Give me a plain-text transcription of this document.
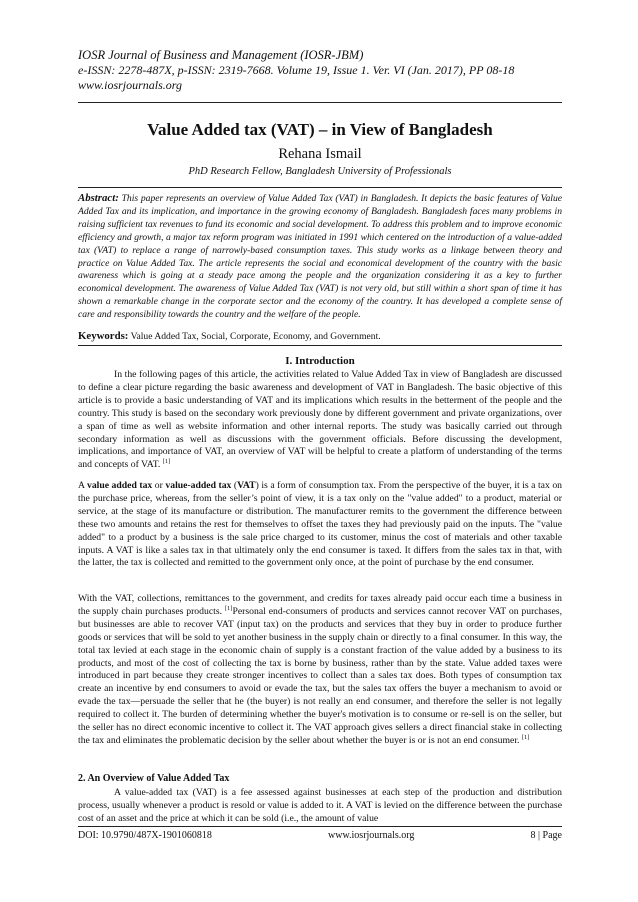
IOSR Journal of Business and Management (IOSR-JBM)
e-ISSN: 2278-487X, p-ISSN: 2319-7668. Volume 19, Issue 1. Ver. VI (Jan. 2017), PP 08-18
www.iosrjournals.org
Value Added tax (VAT) – in View of Bangladesh
Rehana Ismail
PhD Research Fellow, Bangladesh University of Professionals
Abstract: This paper represents an overview of Value Added Tax (VAT) in Bangladesh. It depicts the basic features of Value Added Tax and its implication, and importance in the growing economy of Bangladesh. Bangladesh faces many problems in raising sufficient tax revenues to fund its economic and social development. To address this problem and to improve economic efficiency and growth, a major tax reform program was initiated in 1991 which centered on the introduction of a value-added tax (VAT) to replace a range of narrowly-based consumption taxes. This study works as a linkage between theory and practice on Value Added Tax. The article represents the social and economical development of the country with the basic awareness which is going at a steady pace among the people and the organization considering it as a key to further economical development. The awareness of Value Added Tax (VAT) is not very old, but still within a short span of time it has shown a remarkable change in the corporate sector and the economy of the country. It has developed a complete sense of care and responsibility towards the country and the welfare of the people.
Keywords: Value Added Tax, Social, Corporate, Economy, and Government.
I. Introduction
In the following pages of this article, the activities related to Value Added Tax in view of Bangladesh are discussed to define a clear picture regarding the basic awareness and development of VAT in Bangladesh. The basic objective of this article is to provide a basic understanding of VAT and its implications which results in the betterment of the people and the country. This study is based on the secondary work previously done by different government and private organizations, over a span of time as well as website information and other internal reports. The study was basically carried out through secondary information as well as discussions with the government officials. Before discussing the development, implications, and importance of VAT, an overview of VAT will be helpful to create a platform of understanding of the terms and concepts of VAT. [1]
A value added tax or value-added tax (VAT) is a form of consumption tax. From the perspective of the buyer, it is a tax on the purchase price, whereas, from the seller’s point of view, it is a tax only on the "value added" to a product, material or service, at the stage of its manufacture or distribution. The manufacturer remits to the government the difference between these two amounts and retains the rest for themselves to offset the taxes they had previously paid on the inputs. The "value added" to a product by a business is the sale price charged to its customer, minus the cost of materials and other taxable inputs. A VAT is like a sales tax in that ultimately only the end consumer is taxed. It differs from the sales tax in that, with the latter, the tax is collected and remitted to the government only once, at the point of purchase by the end consumer.
With the VAT, collections, remittances to the government, and credits for taxes already paid occur each time a business in the supply chain purchases products. [1]Personal end-consumers of products and services cannot recover VAT on purchases, but businesses are able to recover VAT (input tax) on the products and services that they buy in order to produce further goods or services that will be sold to yet another business in the supply chain or directly to a final consumer. In this way, the total tax levied at each stage in the economic chain of supply is a constant fraction of the value added by a business to its products, and most of the cost of collecting the tax is borne by business, rather than by the state. Value added taxes were introduced in part because they create stronger incentives to collect than a sales tax does. Both types of consumption tax create an incentive by end consumers to avoid or evade the tax, but the sales tax offers the buyer a mechanism to avoid or evade the tax—persuade the seller that he (the buyer) is not really an end consumer, and therefore the seller is not legally required to collect it. The burden of determining whether the buyer's motivation is to consume or re-sell is on the seller, but the seller has no direct economic incentive to collect it. The VAT approach gives sellers a direct financial stake in collecting the tax and eliminates the problematic decision by the seller about whether the buyer is or is not an end consumer. [1]
2. An Overview of Value Added Tax
A value-added tax (VAT) is a fee assessed against businesses at each step of the production and distribution process, usually whenever a product is resold or value is added to it. A VAT is levied on the difference between the purchase cost of an asset and the price at which it can be sold (i.e., the amount of value
DOI: 10.9790/487X-1901060818	www.iosrjournals.org	8 | Page
